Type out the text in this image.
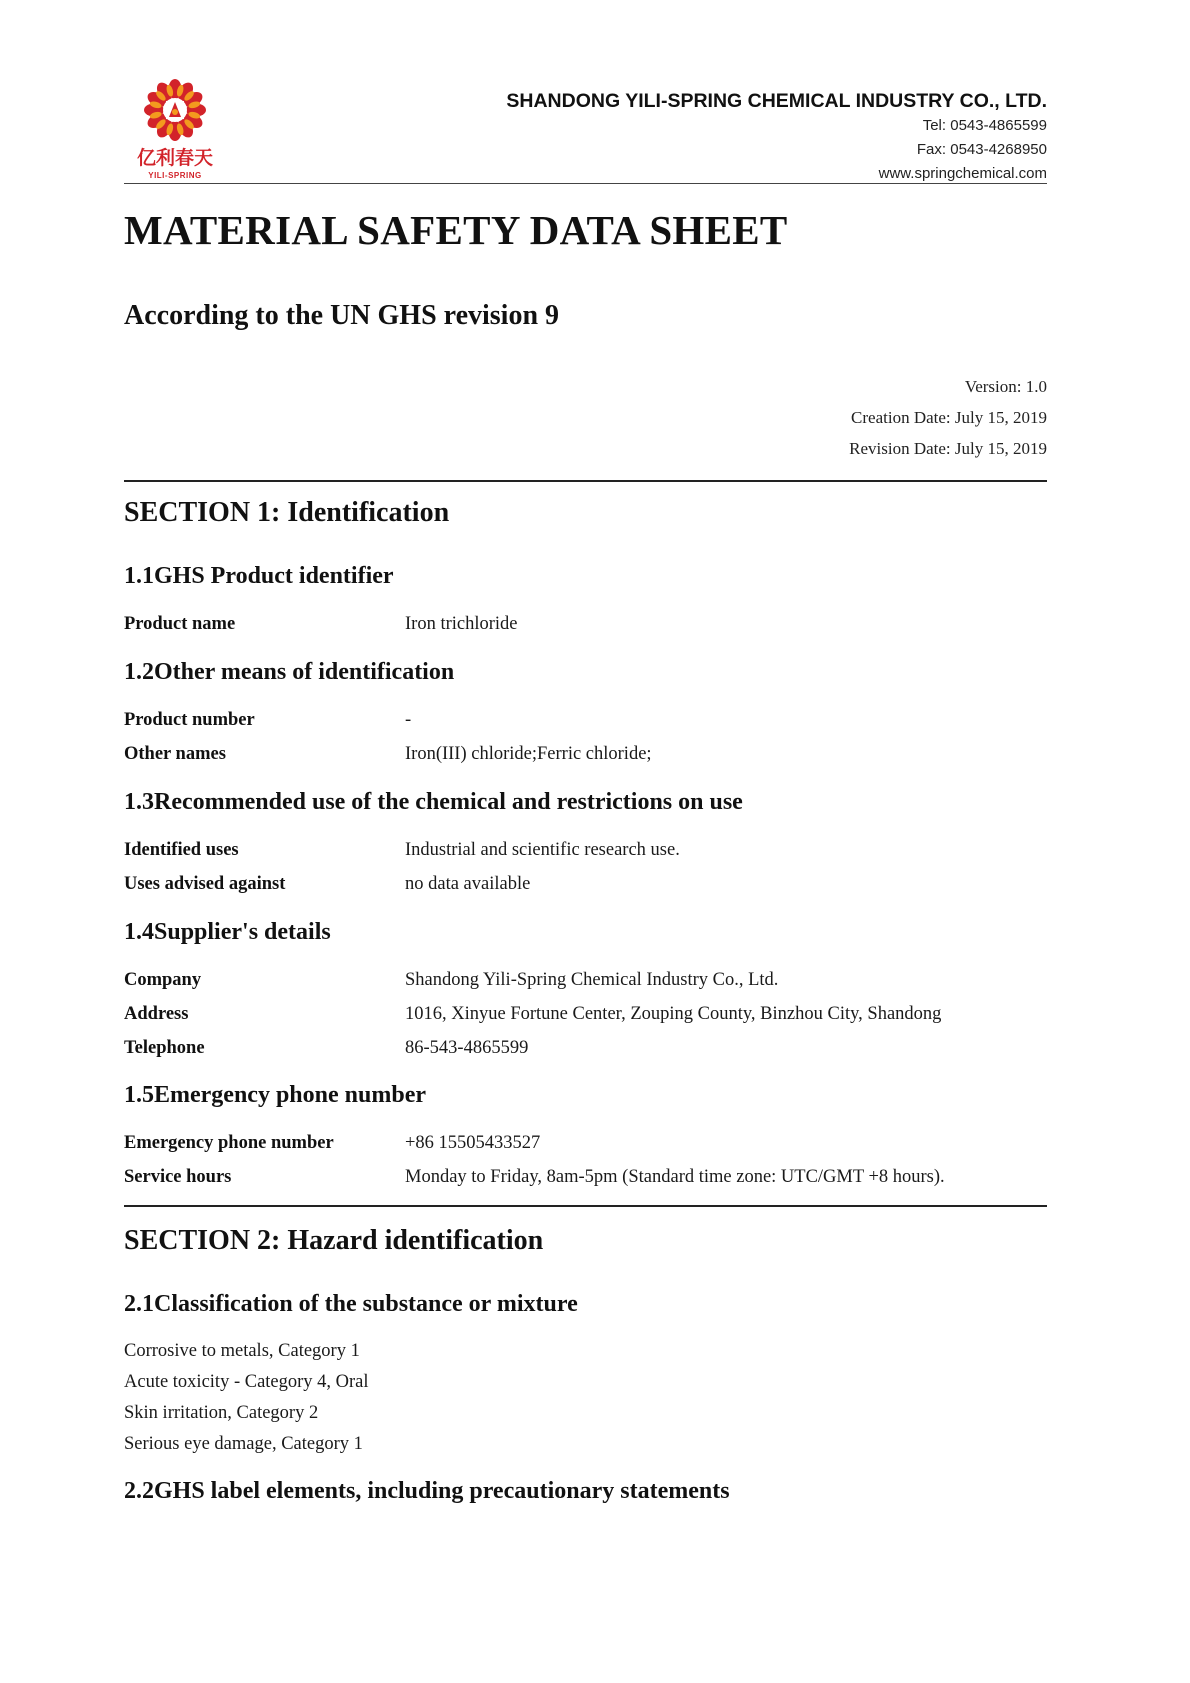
亿利春天
YILI-SPRING
SHANDONG YILI-SPRING CHEMICAL INDUSTRY CO., LTD.
Tel: 0543-4865599
Fax: 0543-4268950
www.springchemical.com
MATERIAL SAFETY DATA SHEET
According to the UN GHS revision 9
Version: 1.0
Creation Date: July 15, 2019
Revision Date: July 15, 2019
SECTION 1: Identification
1.1GHS Product identifier
Product name	Iron trichloride
1.2Other means of identification
Product number	-
Other names	Iron(III) chloride;Ferric chloride;
1.3Recommended use of the chemical and restrictions on use
Identified uses	Industrial and scientific research use.
Uses advised against	no data available
1.4Supplier's details
Company	Shandong Yili-Spring Chemical Industry Co., Ltd.
Address	1016, Xinyue Fortune Center, Zouping County, Binzhou City, Shandong
Telephone	86-543-4865599
1.5Emergency phone number
Emergency phone number	+86 15505433527
Service hours	Monday to Friday, 8am-5pm (Standard time zone: UTC/GMT +8 hours).
SECTION 2: Hazard identification
2.1Classification of the substance or mixture
Corrosive to metals, Category 1
Acute toxicity - Category 4, Oral
Skin irritation, Category 2
Serious eye damage, Category 1
2.2GHS label elements, including precautionary statements
